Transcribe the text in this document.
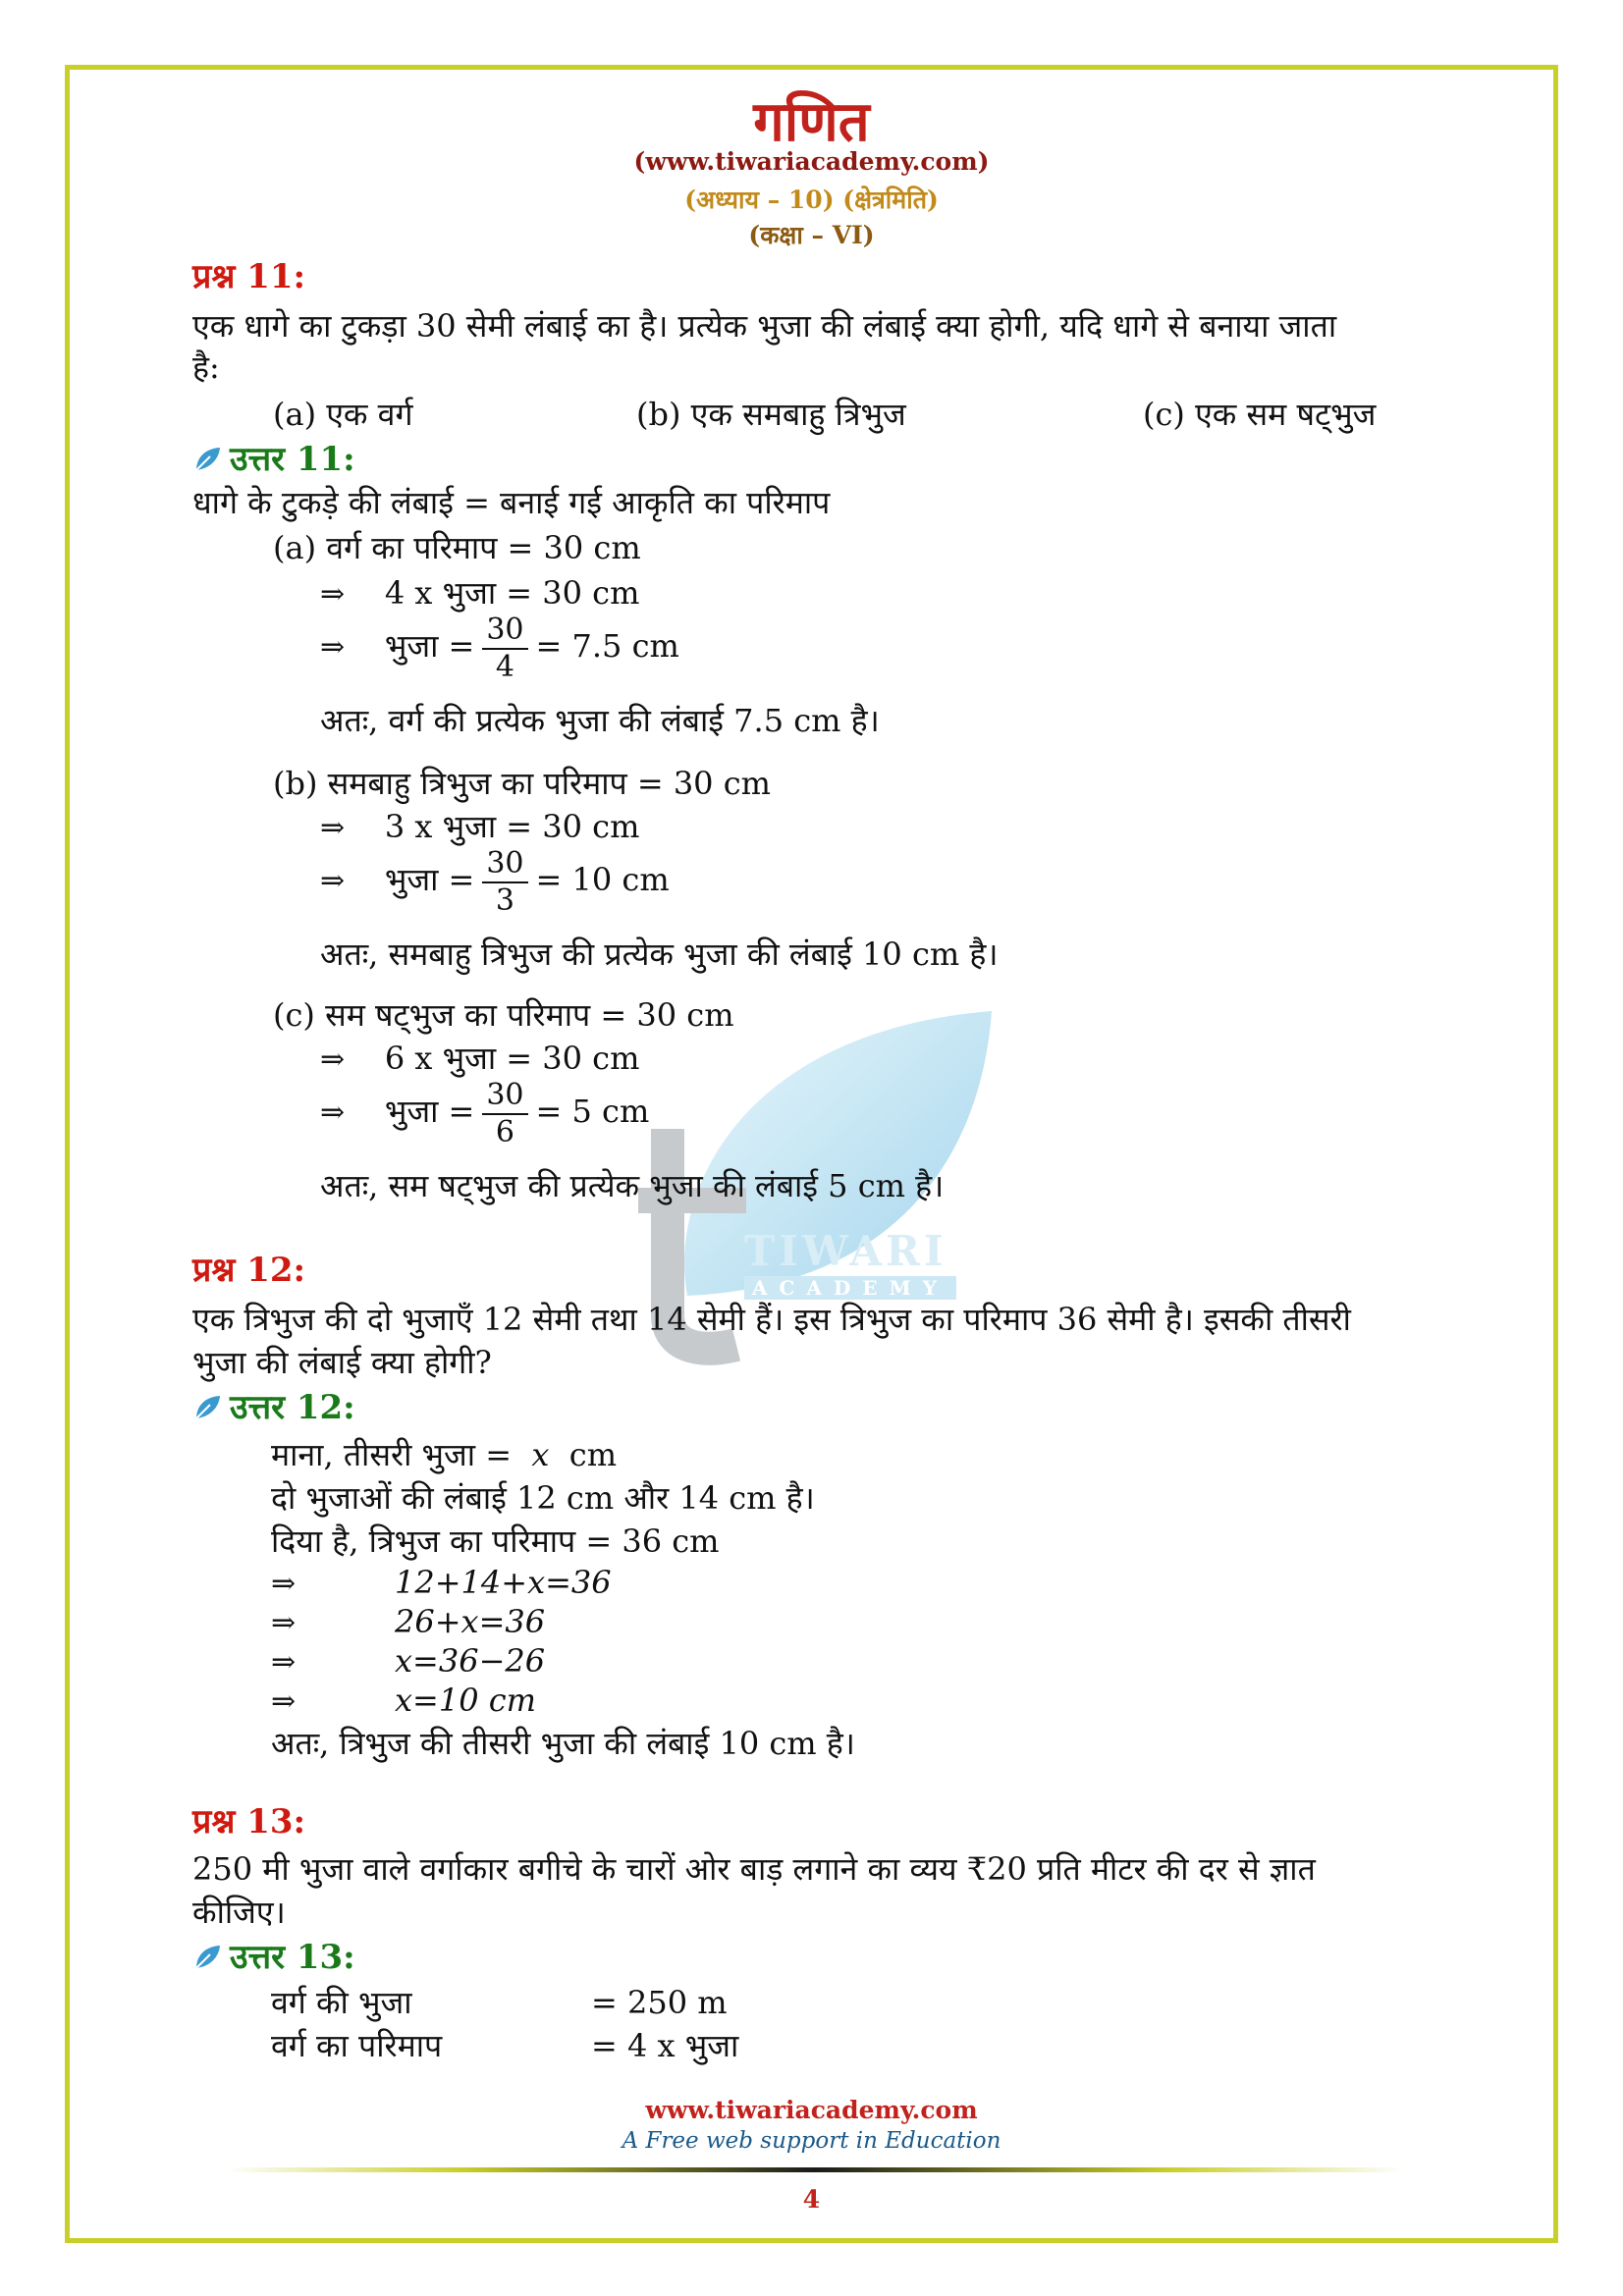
गणित
(www.tiwariacademy.com)
(अध्याय – 10) (क्षेत्रमिति)
(कक्षा – VI)
TIWARI
ACADEMY
प्रश्न 11:
एक धागे का टुकड़ा 30 सेमी लंबाई का है। प्रत्येक भुजा की लंबाई क्या होगी, यदि धागे से बनाया जाता
है:
(a) एक वर्ग	(b) एक समबाहु त्रिभुज	(c) एक सम षट्भुज
उत्तर 11:
धागे के टुकड़े की लंबाई = बनाई गई आकृति का परिमाप
(a) वर्ग का परिमाप = 30 cm
⇒ 4 x भुजा = 30 cm
⇒ भुजा = $\frac{30}{4} = 7.5$ cm
अतः, वर्ग की प्रत्येक भुजा की लंबाई 7.5 cm है।
(b) समबाहु त्रिभुज का परिमाप = 30 cm
⇒ 3 x भुजा = 30 cm
⇒ भुजा = $\frac{30}{3} = 10$ cm
अतः, समबाहु त्रिभुज की प्रत्येक भुजा की लंबाई 10 cm है।
(c) सम षट्भुज का परिमाप = 30 cm
⇒ 6 x भुजा = 30 cm
⇒ भुजा = $\frac{30}{6} = 5$ cm
अतः, सम षट्भुज की प्रत्येक भुजा की लंबाई 5 cm है।
प्रश्न 12:
एक त्रिभुज की दो भुजाएँ 12 सेमी तथा 14 सेमी हैं। इस त्रिभुज का परिमाप 36 सेमी है। इसकी तीसरी
भुजा की लंबाई क्या होगी?
उत्तर 12:
माना, तीसरी भुजा = x cm
दो भुजाओं की लंबाई 12 cm और 14 cm है।
दिया है, त्रिभुज का परिमाप = 36 cm
⇒	12+14+x=36
⇒	26+x=36
⇒	x=36−26
⇒	x=10 cm
अतः, त्रिभुज की तीसरी भुजा की लंबाई 10 cm है।
प्रश्न 13:
250 मी भुजा वाले वर्गाकार बगीचे के चारों ओर बाड़ लगाने का व्यय ₹20 प्रति मीटर की दर से ज्ञात
कीजिए।
उत्तर 13:
वर्ग की भुजा	= 250 m
वर्ग का परिमाप	= 4 x भुजा
www.tiwariacademy.com
A Free web support in Education
4
